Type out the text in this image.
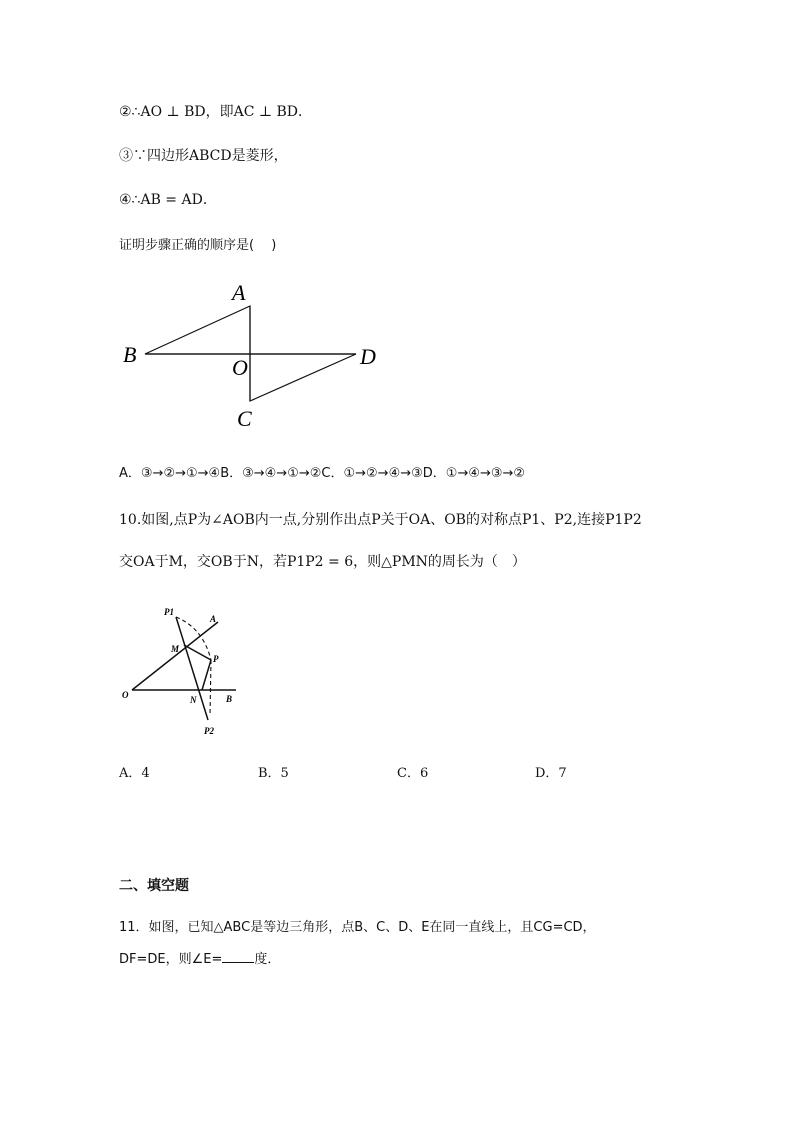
②∴AO ⊥ BD，即AC ⊥ BD．
③∵四边形ABCD是菱形，
④∴AB = AD．
证明步骤正确的顺序是(　 )
A
B
O	D
C
A．③→②→①→④B．③→④→①→②C．①→②→④→③D．①→④→③→②
10.如图,点P为∠AOB内一点,分别作出点P关于OA、OB的对称点P1、P2,连接P1P2
交OA于M，交OB于N，若P1P2 = 6，则△PMN的周长为（　）
P1
A
M
P
O	N	B
P2
A．4	B．5	C．6	D．7
二、填空题
11．如图，已知△ABC是等边三角形，点B、C、D、E在同一直线上，且CG=CD，
DF=DE，则∠E= 度．
